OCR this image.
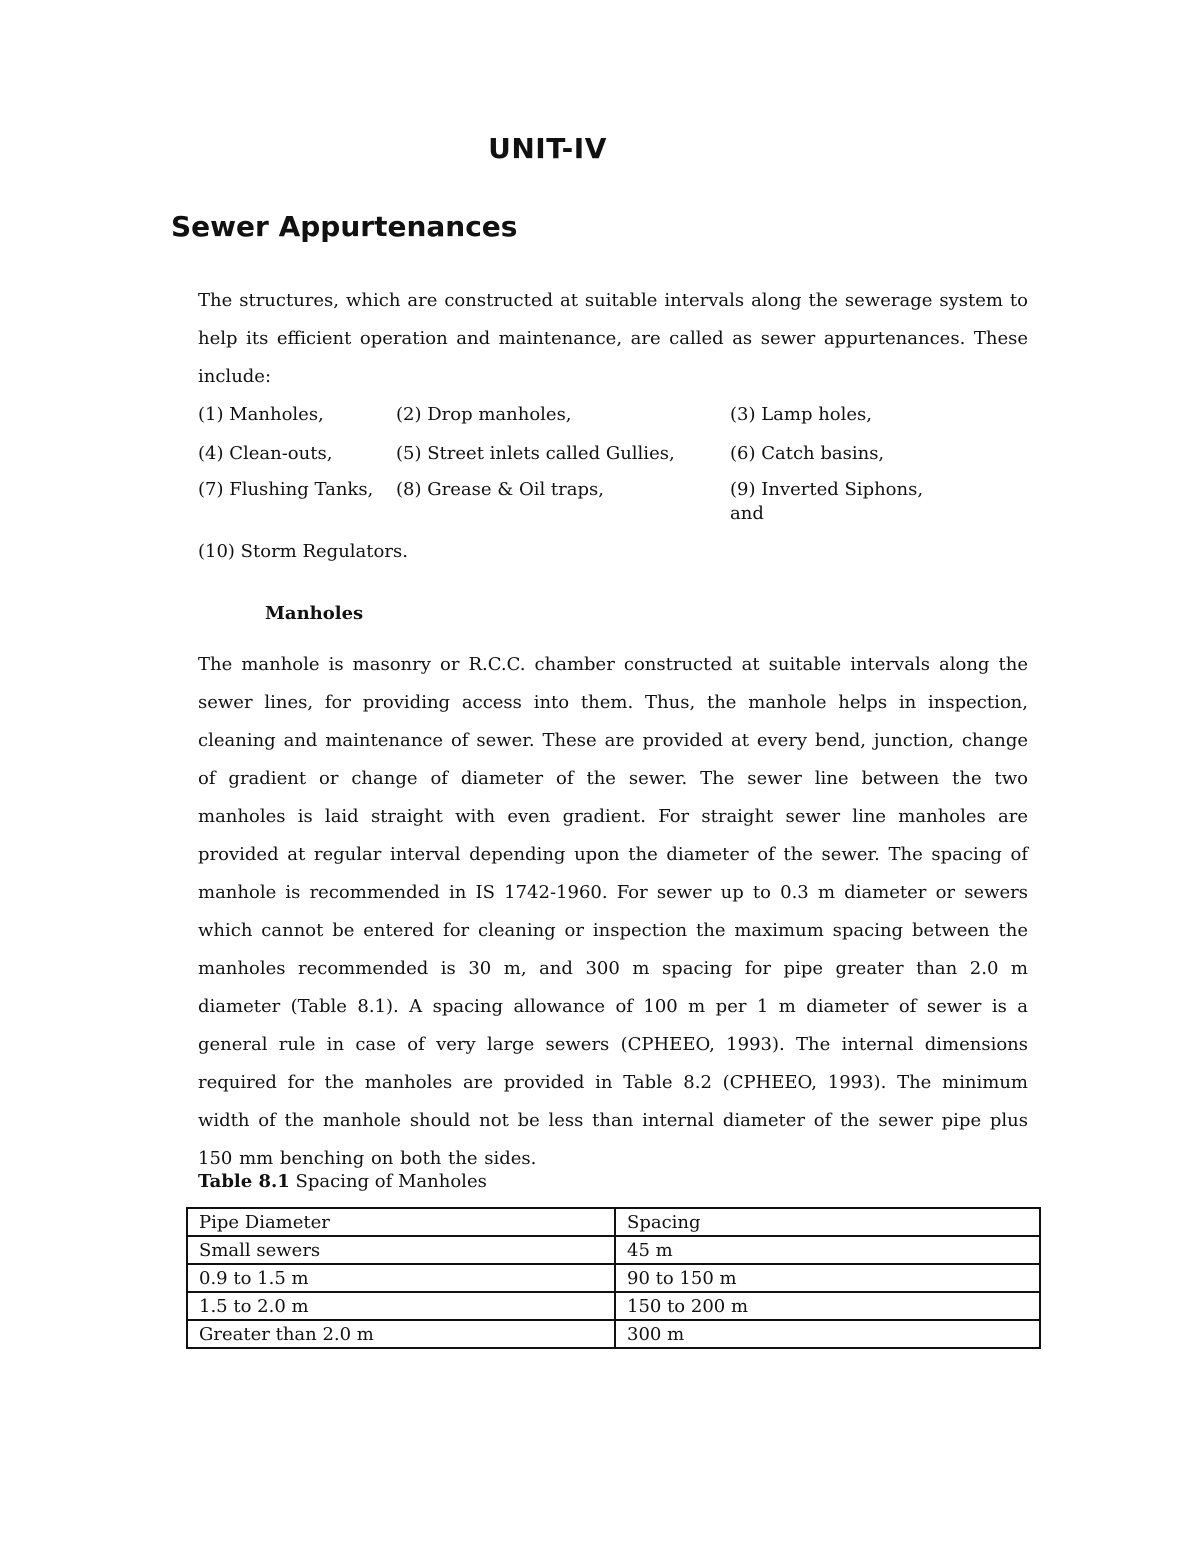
UNIT-IV
Sewer Appurtenances

The structures, which are constructed at suitable intervals along the sewerage system to help its efficient operation and maintenance, are called as sewer appurtenances. These include:

(1) Manholes,	(2) Drop manholes,	(3) Lamp holes,
(4) Clean-outs,	(5) Street inlets called Gullies,	(6) Catch basins,
(7) Flushing Tanks, (8) Grease & Oil traps,	(9) Inverted Siphons, and
(10) Storm Regulators.
Manholes

The manhole is masonry or R.C.C. chamber constructed at suitable intervals along the sewer lines, for providing access into them. Thus, the manhole helps in inspection, cleaning and maintenance of sewer. These are provided at every bend, junction, change of gradient or change of diameter of the sewer. The sewer line between the two manholes is laid straight with even gradient. For straight sewer line manholes are provided at regular interval depending upon the diameter of the sewer. The spacing of manhole is recommended in IS 1742-1960. For sewer up to 0.3 m diameter or sewers which cannot be entered for cleaning or inspection the maximum spacing between the manholes recommended is 30 m, and 300 m spacing for pipe greater than 2.0 m diameter (Table 8.1). A spacing allowance of 100 m per 1 m diameter of sewer is a general rule in case of very large sewers (CPHEEO, 1993). The internal dimensions required for the manholes are provided in Table 8.2 (CPHEEO, 1993). The minimum width of the manhole should not be less than internal diameter of the sewer pipe plus 150 mm benching on both the sides.

Table 8.1 Spacing of Manholes
Pipe Diameter	Spacing
Small sewers	45 m
0.9 to 1.5 m	90 to 150 m
1.5 to 2.0 m	150 to 200 m
Greater than 2.0 m	300 m
